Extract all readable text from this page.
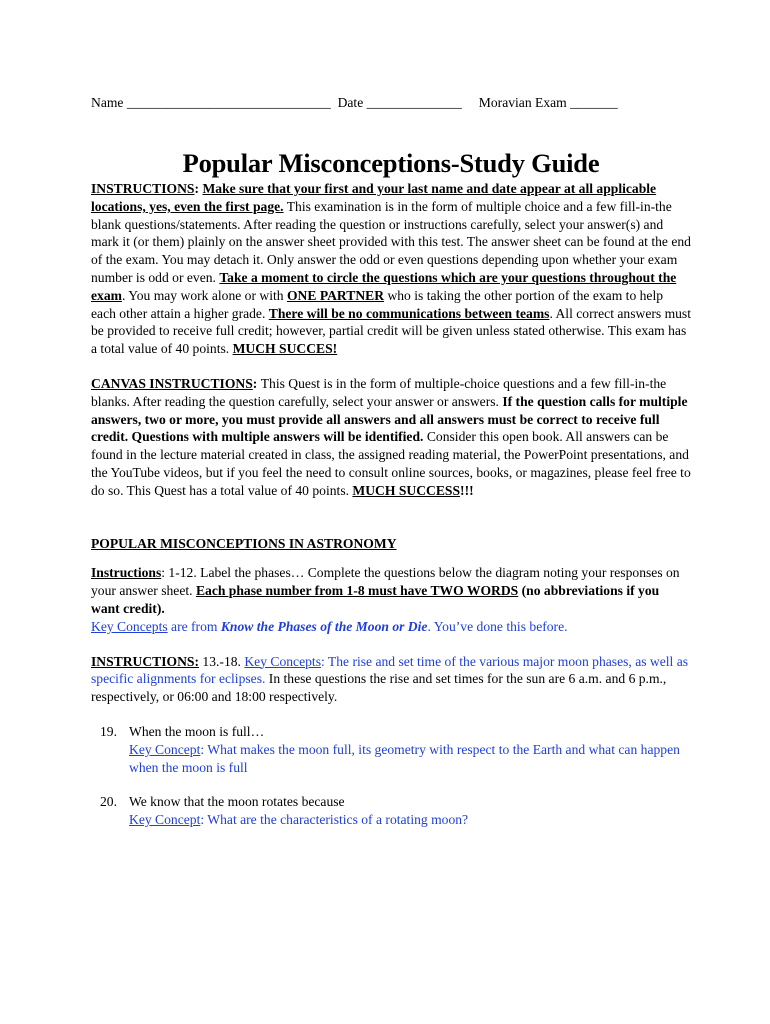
Name ______________________________ Date ______________ Moravian Exam _______
Popular Misconceptions-Study Guide

INSTRUCTIONS: Make sure that your first and your last name and date appear at all applicable locations, yes, even the first page. This examination is in the form of multiple choice and a few fill-in-the blank questions/statements. After reading the question or instructions carefully, select your answer(s) and mark it (or them) plainly on the answer sheet provided with this test. The answer sheet can be found at the end of the exam. You may detach it. Only answer the odd or even questions depending upon whether your exam number is odd or even. Take a moment to circle the questions which are your questions throughout the exam. You may work alone or with ONE PARTNER who is taking the other portion of the exam to help each other attain a higher grade. There will be no communications between teams. All correct answers must be provided to receive full credit; however, partial credit will be given unless stated otherwise. This exam has a total value of 40 points. MUCH SUCCES!

CANVAS INSTRUCTIONS: This Quest is in the form of multiple-choice questions and a few fill-in-the blanks. After reading the question carefully, select your answer or answers. If the question calls for multiple answers, two or more, you must provide all answers and all answers must be correct to receive full credit. Questions with multiple answers will be identified. Consider this open book. All answers can be found in the lecture material created in class, the assigned reading material, the PowerPoint presentations, and the YouTube videos, but if you feel the need to consult online sources, books, or magazines, please feel free to do so. This Quest has a total value of 40 points. MUCH SUCCESS!!!

POPULAR MISCONCEPTIONS IN ASTRONOMY

Instructions: 1-12. Label the phases… Complete the questions below the diagram noting your responses on your answer sheet. Each phase number from 1-8 must have TWO WORDS (no abbreviations if you want credit).
Key Concepts are from Know the Phases of the Moon or Die. You’ve done this before.

INSTRUCTIONS: 13.-18. Key Concepts: The rise and set time of the various major moon phases, as well as specific alignments for eclipses. In these questions the rise and set times for the sun are 6 a.m. and 6 p.m., respectively, or 06:00 and 18:00 respectively.

19. When the moon is full…
Key Concept: What makes the moon full, its geometry with respect to the Earth and what can happen when the moon is full
20. We know that the moon rotates because
Key Concept: What are the characteristics of a rotating moon?
